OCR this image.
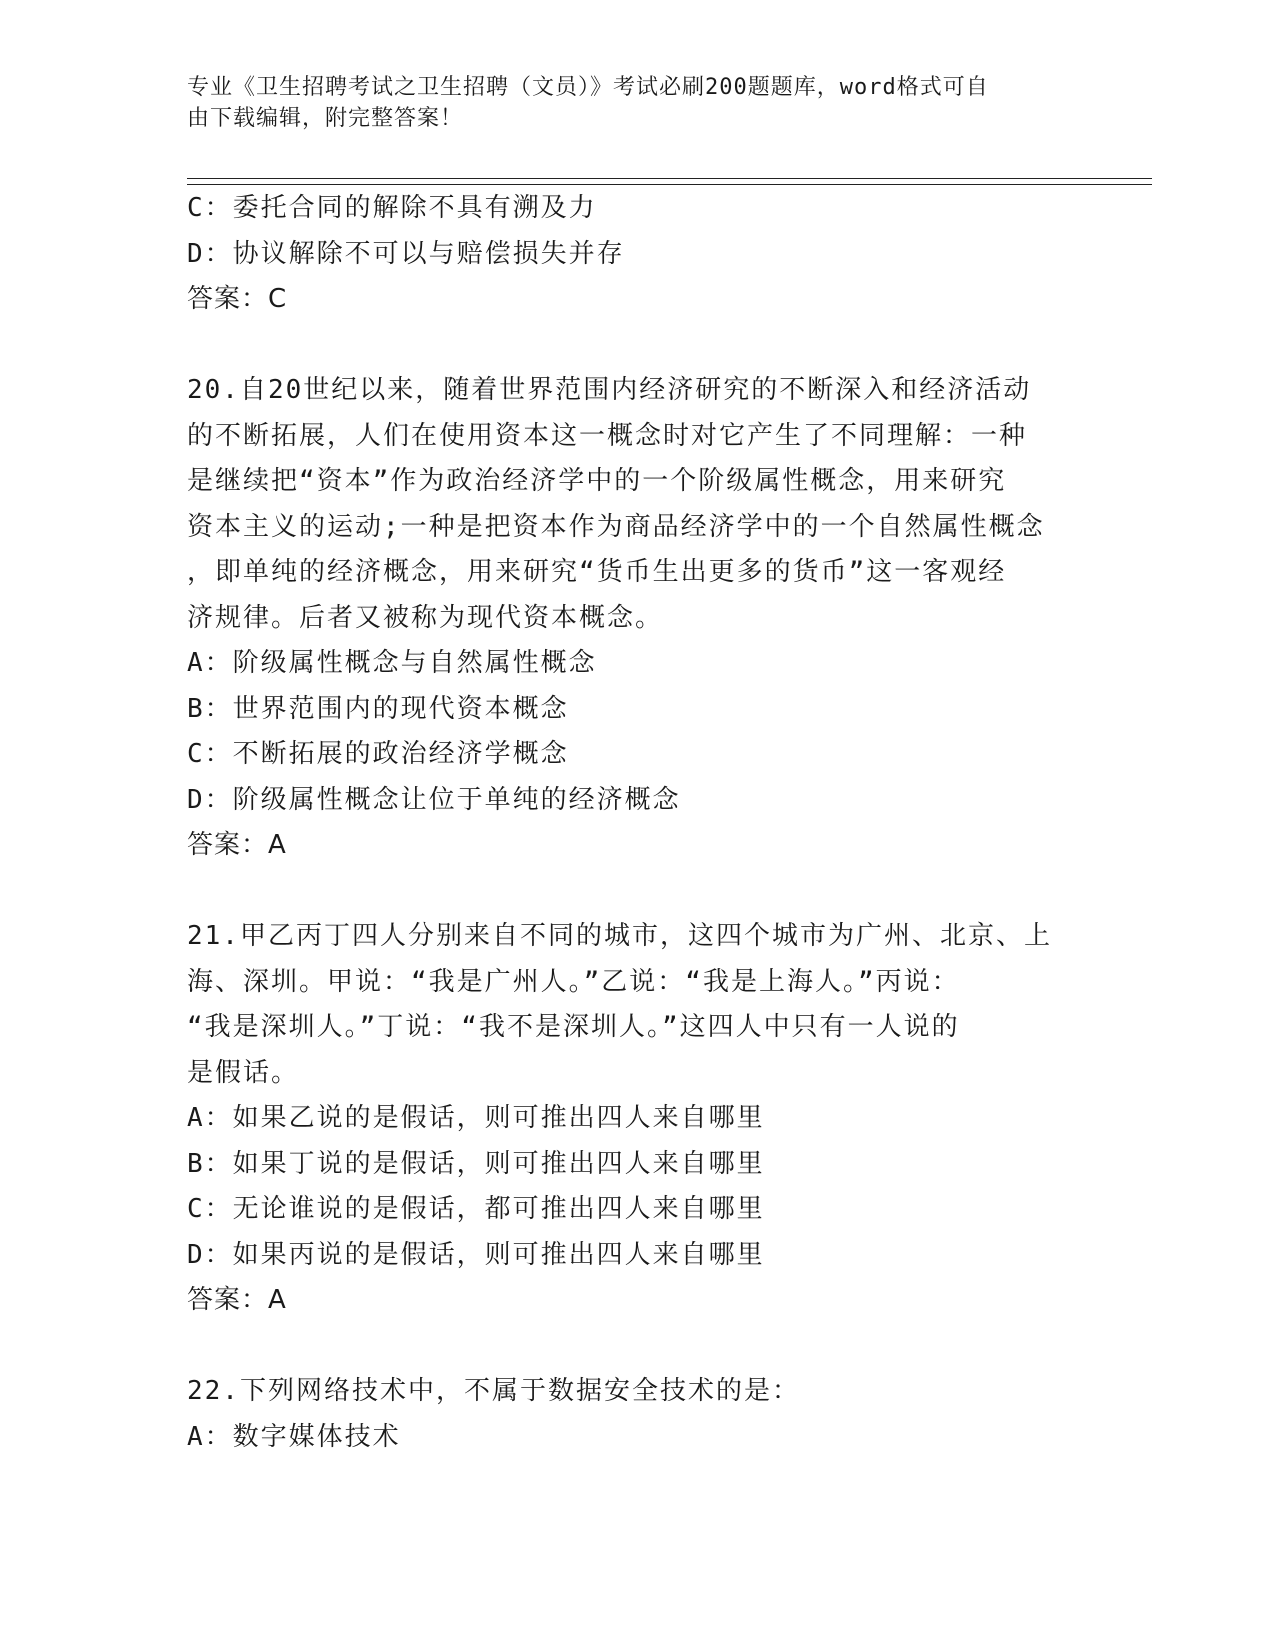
专业《卫生招聘考试之卫生招聘（文员）》考试必刷200题题库，word格式可自
由下载编辑，附完整答案！
C：委托合同的解除不具有溯及力
D：协议解除不可以与赔偿损失并存
答案：C
20.自20世纪以来，随着世界范围内经济研究的不断深入和经济活动
的不断拓展，人们在使用资本这一概念时对它产生了不同理解：一种
是继续把“资本”作为政治经济学中的一个阶级属性概念，用来研究
资本主义的运动;一种是把资本作为商品经济学中的一个自然属性概念
，即单纯的经济概念，用来研究“货币生出更多的货币”这一客观经
济规律。后者又被称为现代资本概念。
A：阶级属性概念与自然属性概念
B：世界范围内的现代资本概念
C：不断拓展的政治经济学概念
D：阶级属性概念让位于单纯的经济概念
答案：A
21.甲乙丙丁四人分别来自不同的城市，这四个城市为广州、北京、上
海、深圳。甲说：“我是广州人。”乙说：“我是上海人。”丙说：
“我是深圳人。”丁说：“我不是深圳人。”这四人中只有一人说的
是假话。
A：如果乙说的是假话，则可推出四人来自哪里
B：如果丁说的是假话，则可推出四人来自哪里
C：无论谁说的是假话，都可推出四人来自哪里
D：如果丙说的是假话，则可推出四人来自哪里
答案：A
22.下列网络技术中，不属于数据安全技术的是：
A：数字媒体技术
